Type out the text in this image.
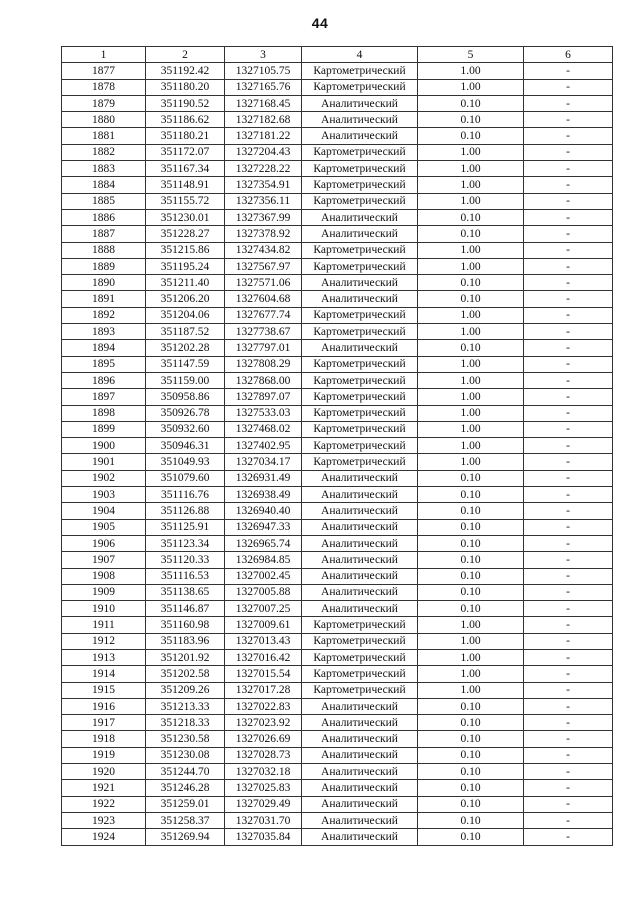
44
1	2	3	4	5	6
1877	351192.42	1327105.75	Картометрический	1.00	-
1878	351180.20	1327165.76	Картометрический	1.00	-
1879	351190.52	1327168.45	Аналитический	0.10	-
1880	351186.62	1327182.68	Аналитический	0.10	-
1881	351180.21	1327181.22	Аналитический	0.10	-
1882	351172.07	1327204.43	Картометрический	1.00	-
1883	351167.34	1327228.22	Картометрический	1.00	-
1884	351148.91	1327354.91	Картометрический	1.00	-
1885	351155.72	1327356.11	Картометрический	1.00	-
1886	351230.01	1327367.99	Аналитический	0.10	-
1887	351228.27	1327378.92	Аналитический	0.10	-
1888	351215.86	1327434.82	Картометрический	1.00	-
1889	351195.24	1327567.97	Картометрический	1.00	-
1890	351211.40	1327571.06	Аналитический	0.10	-
1891	351206.20	1327604.68	Аналитический	0.10	-
1892	351204.06	1327677.74	Картометрический	1.00	-
1893	351187.52	1327738.67	Картометрический	1.00	-
1894	351202.28	1327797.01	Аналитический	0.10	-
1895	351147.59	1327808.29	Картометрический	1.00	-
1896	351159.00	1327868.00	Картометрический	1.00	-
1897	350958.86	1327897.07	Картометрический	1.00	-
1898	350926.78	1327533.03	Картометрический	1.00	-
1899	350932.60	1327468.02	Картометрический	1.00	-
1900	350946.31	1327402.95	Картометрический	1.00	-
1901	351049.93	1327034.17	Картометрический	1.00	-
1902	351079.60	1326931.49	Аналитический	0.10	-
1903	351116.76	1326938.49	Аналитический	0.10	-
1904	351126.88	1326940.40	Аналитический	0.10	-
1905	351125.91	1326947.33	Аналитический	0.10	-
1906	351123.34	1326965.74	Аналитический	0.10	-
1907	351120.33	1326984.85	Аналитический	0.10	-
1908	351116.53	1327002.45	Аналитический	0.10	-
1909	351138.65	1327005.88	Аналитический	0.10	-
1910	351146.87	1327007.25	Аналитический	0.10	-
1911	351160.98	1327009.61	Картометрический	1.00	-
1912	351183.96	1327013.43	Картометрический	1.00	-
1913	351201.92	1327016.42	Картометрический	1.00	-
1914	351202.58	1327015.54	Картометрический	1.00	-
1915	351209.26	1327017.28	Картометрический	1.00	-
1916	351213.33	1327022.83	Аналитический	0.10	-
1917	351218.33	1327023.92	Аналитический	0.10	-
1918	351230.58	1327026.69	Аналитический	0.10	-
1919	351230.08	1327028.73	Аналитический	0.10	-
1920	351244.70	1327032.18	Аналитический	0.10	-
1921	351246.28	1327025.83	Аналитический	0.10	-
1922	351259.01	1327029.49	Аналитический	0.10	-
1923	351258.37	1327031.70	Аналитический	0.10	-
1924	351269.94	1327035.84	Аналитический	0.10	-
